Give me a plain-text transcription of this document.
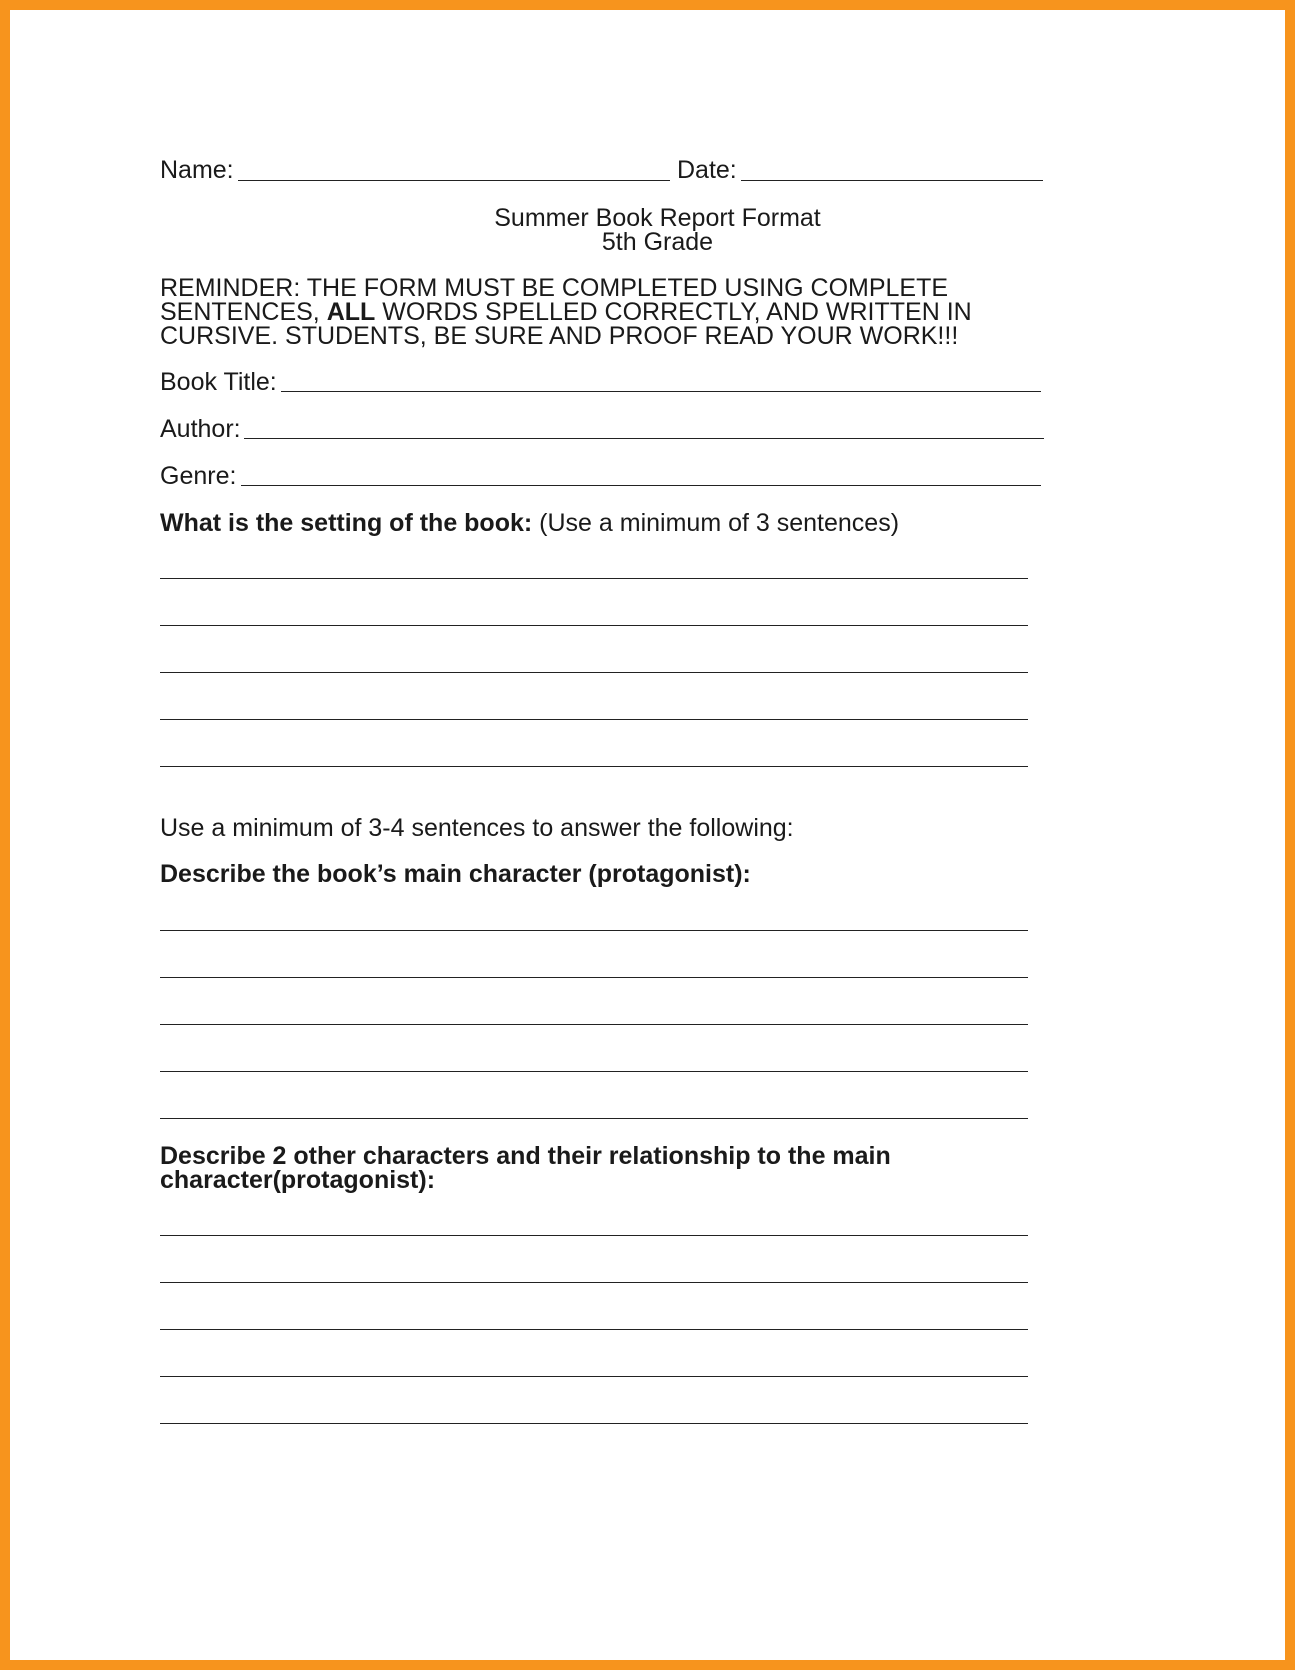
Name:	Date:
Summer Book Report Format
5th Grade
REMINDER: THE FORM MUST BE COMPLETED USING COMPLETE
SENTENCES, ALL WORDS SPELLED CORRECTLY, AND WRITTEN IN
CURSIVE. STUDENTS, BE SURE AND PROOF READ YOUR WORK!!!
Book Title:
Author:
Genre:
What is the setting of the book: (Use a minimum of 3 sentences)
Use a minimum of 3-4 sentences to answer the following:
Describe the book’s main character (protagonist):
Describe 2 other characters and their relationship to the main
character(protagonist):
